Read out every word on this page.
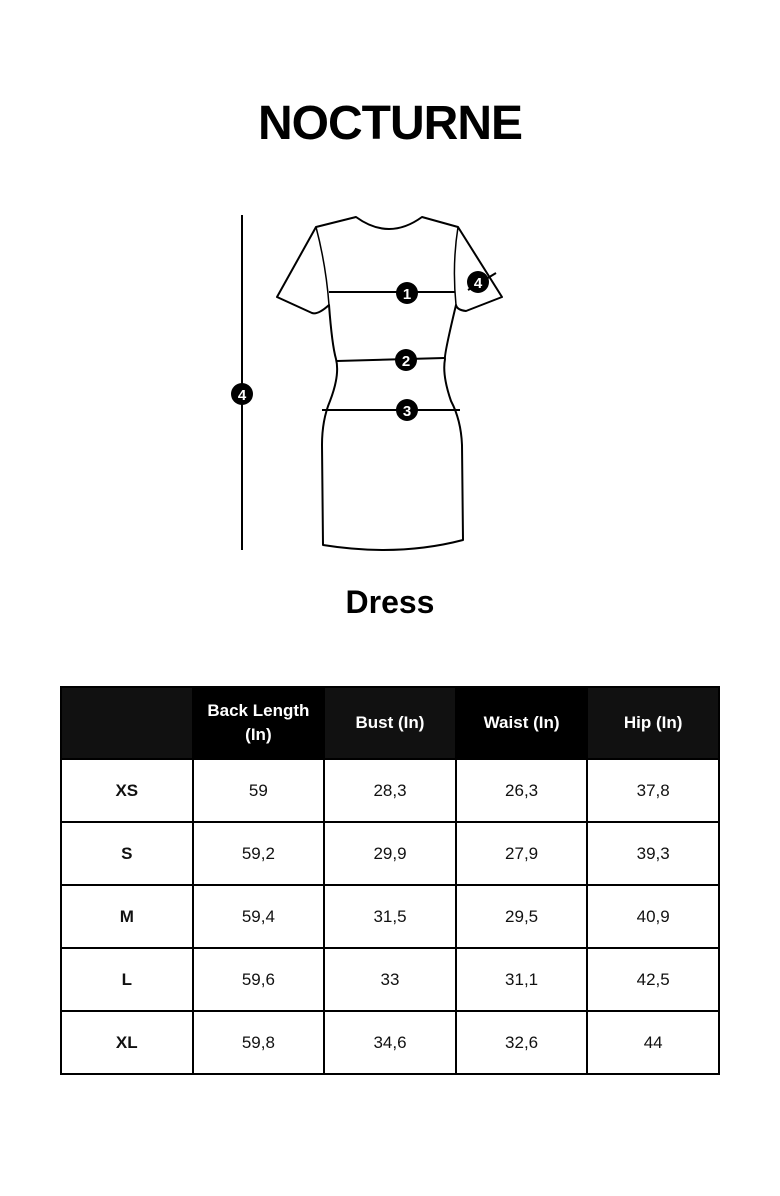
NOCTURNE
1
2
3
4
4
Dress
	Back Length (In)	Bust (In)	Waist (In)	Hip (In)
XS	59	28,3	26,3	37,8
S	59,2	29,9	27,9	39,3
M	59,4	31,5	29,5	40,9
L	59,6	33	31,1	42,5
XL	59,8	34,6	32,6	44
